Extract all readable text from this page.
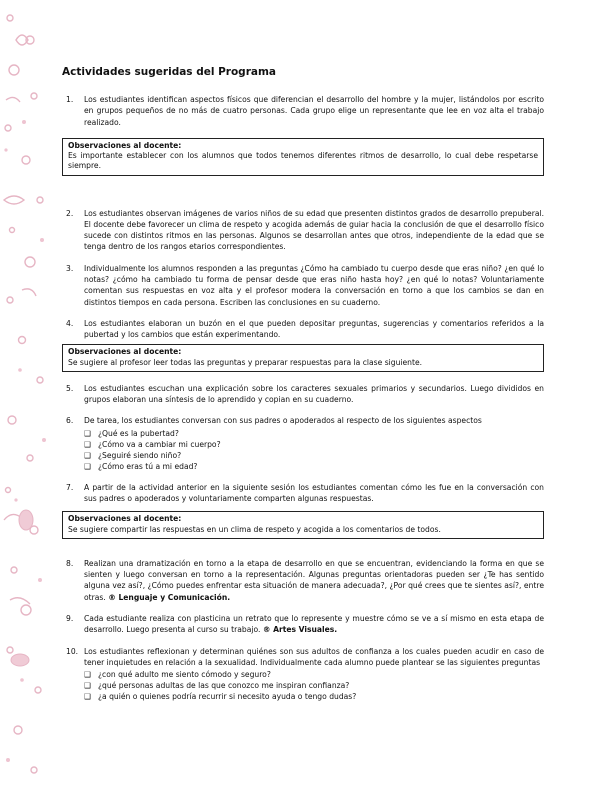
Actividades sugeridas del Programa
1.	Los estudiantes identifican aspectos físicos que diferencian el desarrollo del hombre y la mujer, listándolos por escrito en grupos pequeños de no más de cuatro personas. Cada grupo elige un representante que lee en voz alta el trabajo realizado.
Observaciones al docente:
Es importante establecer con los alumnos que todos tenemos diferentes ritmos de desarrollo, lo cual debe respetarse siempre.
2.	Los estudiantes observan imágenes de varios niños de su edad que presenten distintos grados de desarrollo prepuberal. El docente debe favorecer un clima de respeto y acogida además de guiar hacia la conclusión de que el desarrollo físico sucede con distintos ritmos en las personas. Algunos se desarrollan antes que otros, independiente de la edad que se tenga dentro de los rangos etarios correspondientes.
3.	Individualmente los alumnos responden a las preguntas ¿Cómo ha cambiado tu cuerpo desde que eras niño? ¿en qué lo notas? ¿cómo ha cambiado tu forma de pensar desde que eras niño hasta hoy? ¿en qué lo notas? Voluntariamente comentan sus respuestas en voz alta y el profesor modera la conversación en torno a que los cambios se dan en distintos tiempos en cada persona. Escriben las conclusiones en su cuaderno.
4.	Los estudiantes elaboran un buzón en el que pueden depositar preguntas, sugerencias y comentarios referidos a la pubertad y los cambios que están experimentando.
Observaciones al docente:
Se sugiere al profesor leer todas las preguntas y preparar respuestas para la clase siguiente.
5.	Los estudiantes escuchan una explicación sobre los caracteres sexuales primarios y secundarios. Luego divididos en grupos elaboran una síntesis de lo aprendido y copian en su cuaderno.
6.	De tarea, los estudiantes conversan con sus padres o apoderados al respecto de los siguientes aspectos
❑ ¿Qué es la pubertad?
❑ ¿Cómo va a cambiar mi cuerpo?
❑ ¿Seguiré siendo niño?
❑ ¿Cómo eras tú a mi edad?
7.	A partir de la actividad anterior en la siguiente sesión los estudiantes comentan cómo les fue en la conversación con sus padres o apoderados y voluntariamente comparten algunas respuestas.
Observaciones al docente:
Se sugiere compartir las respuestas en un clima de respeto y acogida a los comentarios de todos.
8.	Realizan una dramatización en torno a la etapa de desarrollo en que se encuentran, evidenciando la forma en que se sienten y luego conversan en torno a la representación. Algunas preguntas orientadoras pueden ser ¿Te has sentido alguna vez así?, ¿Cómo puedes enfrentar esta situación de manera adecuada?, ¿Por qué crees que te sientes así?, entre otras. ® Lenguaje y Comunicación.
9.	Cada estudiante realiza con plasticina un retrato que lo represente y muestre cómo se ve a sí mismo en esta etapa de desarrollo. Luego presenta al curso su trabajo. ® Artes Visuales.
10. Los estudiantes reflexionan y determinan quiénes son sus adultos de confianza a los cuales pueden acudir en caso de tener inquietudes en relación a la sexualidad. Individualmente cada alumno puede plantear se las siguientes preguntas
❑ ¿con qué adulto me siento cómodo y seguro?
❑ ¿qué personas adultas de las que conozco me inspiran confianza?
❑ ¿a quién o quienes podría recurrir si necesito ayuda o tengo dudas?
